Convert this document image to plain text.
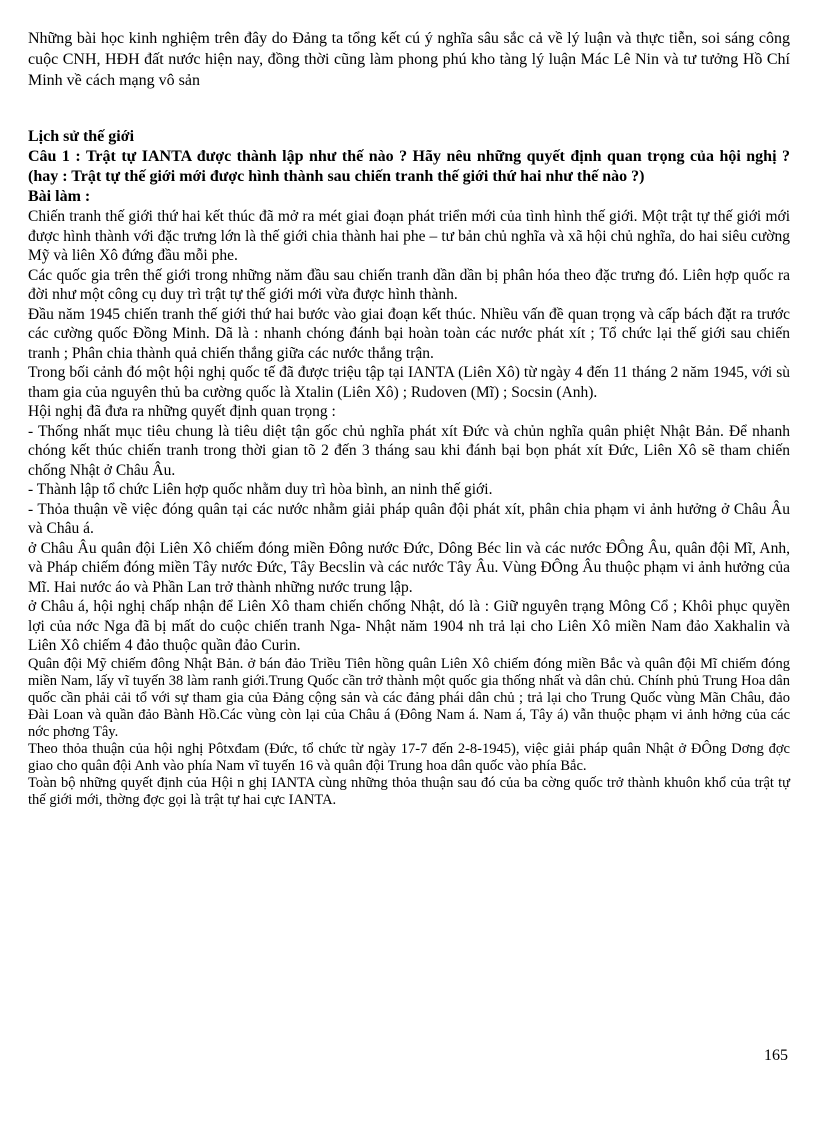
Những bài học kinh nghiệm trên đây do Đảng ta tổng kết cú ý nghĩa sâu sắc cả về lý luận và thực tiễn, soi sáng công cuộc CNH, HĐH đất nước hiện nay, đồng thời cũng làm phong phú kho tàng lý luận Mác Lê Nin và tư tưởng Hồ Chí Minh về cách mạng vô sản

Lịch sử thế giới

Câu 1 : Trật tự IANTA được thành lập như thế nào ? Hãy nêu những quyết định quan trọng của hội nghị ? (hay : Trật tự thế giới mới được hình thành sau chiến tranh thế giới thứ hai như thế nào ?)

Bài làm :

Chiến tranh thế giới thứ hai kết thúc đã mở ra mét giai đoạn phát triển mới của tình hình thế giới. Một trật tự thế giới mới được hình thành với đặc trưng lớn là thế giới chia thành hai phe – tư bản chủ nghĩa và xã hội chủ nghĩa, do hai siêu cường Mỹ và liên Xô đứng đầu mỗi phe.

Các quốc gia trên thế giới trong những năm đầu sau chiến tranh dần dần bị phân hóa theo đặc trưng đó. Liên hợp quốc ra đời như một công cụ duy trì trật tự thế giới mới vừa được hình thành.

Đầu năm 1945 chiến tranh thế giới thứ hai bước vào giai đoạn kết thúc. Nhiều vấn đề quan trọng và cấp bách đặt ra trước các cường quốc Đồng Minh. Dã là : nhanh chóng đánh bại hoàn toàn các nước phát xít ; Tổ chức lại thế giới sau chiến tranh ; Phân chia thành quả chiến thắng giữa các nước thắng trận.

Trong bối cảnh đó một hội nghị quốc tế đã được triệu tập tại IANTA (Liên Xô) từ ngày 4 đến 11 tháng 2 năm 1945, với sù tham gia của nguyên thủ ba cường quốc là Xtalin (Liên Xô) ; Rudoven (Mĩ) ; Socsin (Anh).

Hội nghị đã đưa ra những quyết định quan trọng :

- Thống nhất mục tiêu chung là tiêu diệt tận gốc chủ nghĩa phát xít Đức và chủn nghĩa quân phiệt Nhật Bản. Để nhanh chóng kết thúc chiến tranh trong thời gian tõ 2 đến 3 tháng sau khi đánh bại bọn phát xít Đức, Liên Xô sẽ tham chiến chống Nhật ở Châu Âu.

- Thành lập tổ chức Liên hợp quốc nhằm duy trì hòa bình, an ninh thế giới.

- Thỏa thuận về việc đóng quân tại các nước nhằm giải pháp quân đội phát xít, phân chia phạm vi ảnh hưởng ở Châu Âu và Châu á.

ở Châu Âu quân đội Liên Xô chiếm đóng miền Đông nước Đức, Dông Béc lin và các nước ĐÔng Âu, quân đội Mĩ, Anh, và Pháp chiếm đóng miền Tây nước Đức, Tây Becslin và các nước Tây Âu. Vùng ĐÔng Âu thuộc phạm vi ảnh hưởng của Mĩ. Hai nước áo và Phần Lan trở thành những nước trung lập.

ở Châu á, hội nghị chấp nhận để Liên Xô tham chiến chống Nhật, dó là : Giữ nguyên trạng Mông Cổ ; Khôi phục quyền lợi của nớc Nga đã bị mất do cuộc chiến tranh Nga- Nhật năm 1904 nh trả lại cho Liên Xô miền Nam đảo Xakhalin và Liên Xô chiếm 4 đảo thuộc quần đảo Curin.

Quân đội Mỹ chiếm đông Nhật Bản. ở bán đảo Triều Tiên hồng quân Liên Xô chiếm đóng miền Bắc và quân đội Mĩ chiếm đóng miền Nam, lấy vĩ tuyến 38 làm ranh giới.Trung Quốc cần trở thành một quốc gia thống nhất và dân chủ. Chính phủ Trung Hoa dân quốc cần phải cải tổ với sự tham gia của Đảng cộng sản và các đảng phái dân chủ ; trả lại cho Trung Quốc vùng Mãn Châu, đảo Đài Loan và quần đảo Bành Hồ.Các vùng còn lại của Châu á (Đông Nam á. Nam á, Tây á) vẫn thuộc phạm vi ảnh hởng của các nớc phơng Tây.

Theo thỏa thuận của hội nghị Pôtxđam (Đức, tổ chức từ ngày 17-7 đến 2-8-1945), việc giải pháp quân Nhật ở ĐÔng Dơng đợc giao cho quân đội Anh vào phía Nam vĩ tuyến 16 và quân đội Trung hoa dân quốc vào phía Bắc.

Toàn bộ những quyết định của Hội n ghị IANTA cùng những thỏa thuận sau đó của ba cờng quốc trở thành khuôn khổ của trật tự thế giới mới, thờng đợc gọi là trật tự hai cực IANTA.

165
